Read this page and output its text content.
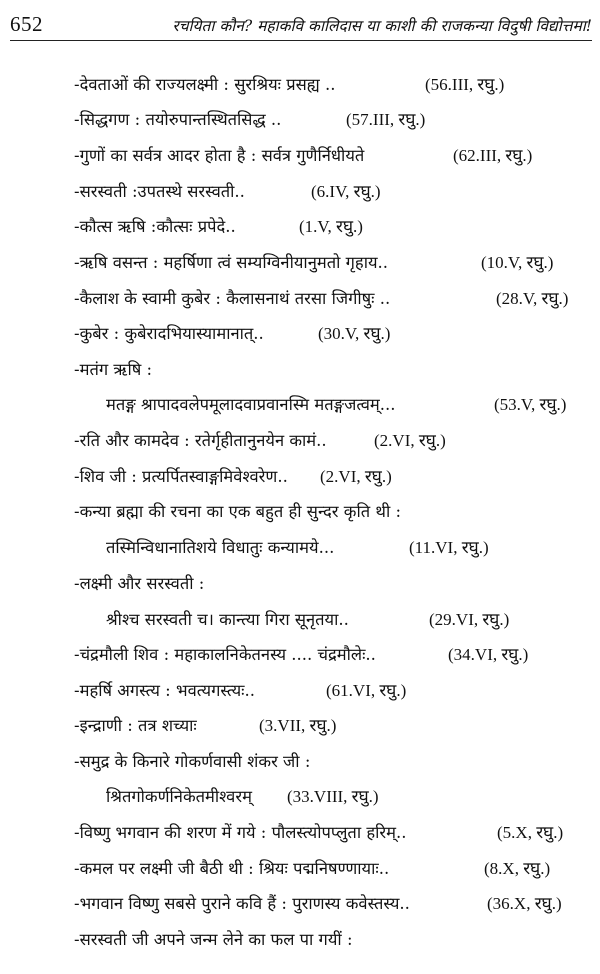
652	रचयिता कौन? महाकवि कालिदास या काशी की राजकन्या विदुषी विद्योत्तमा!
-देवताओं की राज्यलक्ष्मी : सुरश्रियः प्रसह्य ..	(56.III, रघु.)
-सिद्धगण : तयोरुपान्तस्थितसिद्ध ..	(57.III, रघु.)
-गुणों का सर्वत्र आदर होता है : सर्वत्र गुणैर्निधीयते	(62.III, रघु.)
-सरस्वती :उपतस्थे सरस्वती..	(6.IV, रघु.)
-कौत्स ऋषि :कौत्सः प्रपेदे..	(1.V, रघु.)
-ऋषि वसन्त : महर्षिणा त्वं सम्यग्विनीयानुमतो गृहाय..	(10.V, रघु.)
-कैलाश के स्वामी कुबेर : कैलासनाथं तरसा जिगीषुः ..	(28.V, रघु.)
-कुबेर : कुबेरादभियास्यामानात्..	(30.V, रघु.)
-मतंग ऋषि :
मतङ्ग श्रापादवलेपमूलादवाप्रवानस्मि मतङ्गजत्वम्...	(53.V, रघु.)
-रति और कामदेव : रतेर्गृहीतानुनयेन कामं..	(2.VI, रघु.)
-शिव जी : प्रत्यर्पितस्वाङ्गमिवेश्वरेण.. (2.VI, रघु.)
-कन्या ब्रह्मा की रचना का एक बहुत ही सुन्दर कृति थी :
तस्मिन्विधानातिशये विधातुः कन्यामये...	(11.VI, रघु.)
-लक्ष्मी और सरस्वती :
श्रीश्च सरस्वती च। कान्त्या गिरा सूनृतया..	(29.VI, रघु.)
-चंद्रमौली शिव : महाकालनिकेतनस्य .... चंद्रमौलेः..	(34.VI, रघु.)
-महर्षि अगस्त्य : भवत्यगस्त्यः..	(61.VI, रघु.)
-इन्द्राणी : तत्र शच्याः	(3.VII, रघु.)
-समुद्र के किनारे गोकर्णवासी शंकर जी :
श्रितगोकर्णनिकेतमीश्वरम् (33.VIII, रघु.)
-विष्णु भगवान की शरण में गये : पौलस्त्योपप्लुता हरिम्..	(5.X, रघु.)
-कमल पर लक्ष्मी जी बैठी थी : श्रियः पद्मनिषण्णायाः..	(8.X, रघु.)
-भगवान विष्णु सबसे पुराने कवि हैं : पुराणस्य कवेस्तस्य..	(36.X, रघु.)
-सरस्वती जी अपने जन्म लेने का फल पा गयीं :
